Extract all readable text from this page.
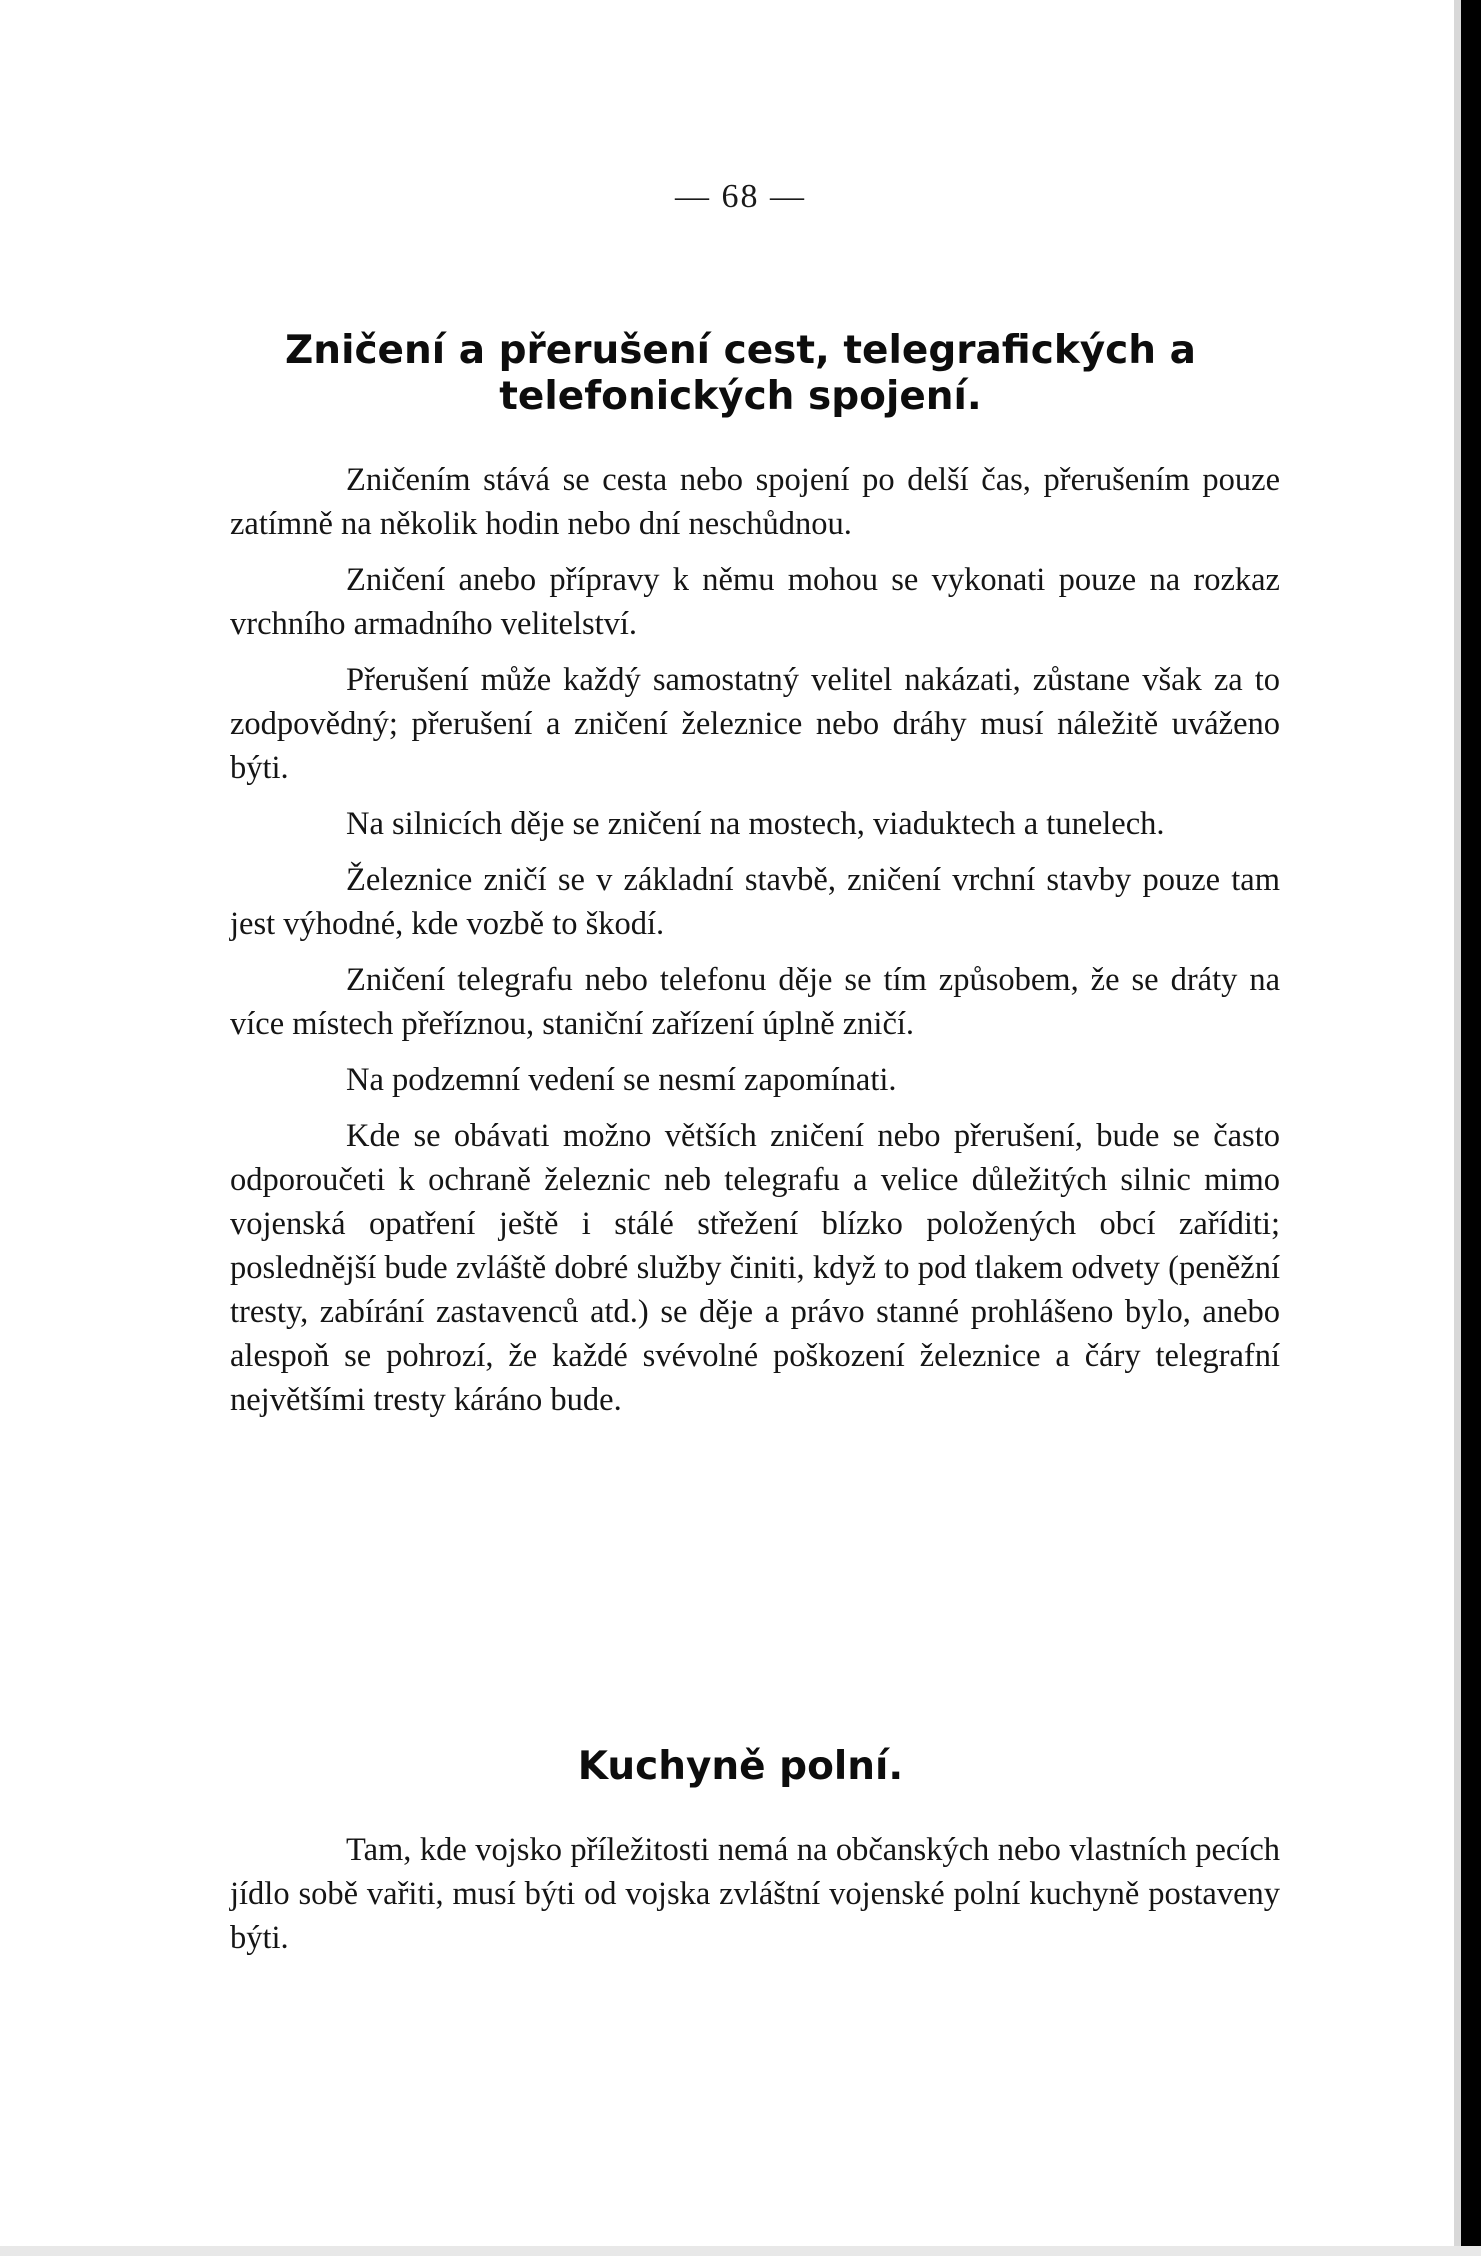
— 68 —
Zničení a přerušení cest, telegrafických a telefonických spojení.

Zničením stává se cesta nebo spojení po delší čas, přerušením pouze zatímně na několik hodin nebo dní neschůdnou.

Zničení anebo přípravy k němu mohou se vykonati pouze na rozkaz vrchního armadního velitelství.

Přerušení může každý samostatný velitel nakázati, zůstane však za to zodpovědný; přerušení a zničení železnice nebo dráhy musí náležitě uváženo býti.

Na silnicích děje se zničení na mostech, viaduktech a tunelech.

Železnice zničí se v základní stavbě, zničení vrchní stavby pouze tam jest výhodné, kde vozbě to škodí.

Zničení telegrafu nebo telefonu děje se tím způsobem, že se dráty na více místech přeříznou, staniční zařízení úplně zničí.

Na podzemní vedení se nesmí zapomínati.

Kde se obávati možno větších zničení nebo přerušení, bude se často odporoučeti k ochraně železnic neb telegrafu a velice důležitých silnic mimo vojenská opatření ještě i stálé střežení blízko položených obcí zaříditi; poslednější bude zvláště dobré služby činiti, když to pod tlakem odvety (peněžní tresty, zabírání zastavenců atd.) se děje a právo stanné prohlášeno bylo, anebo alespoň se pohrozí, že každé svévolné poškození železnice a čáry telegrafní největšími tresty káráno bude.

Kuchyně polní.

Tam, kde vojsko příležitosti nemá na občanských nebo vlastních pecích jídlo sobě vařiti, musí býti od vojska zvláštní vojenské polní kuchyně postaveny býti.
